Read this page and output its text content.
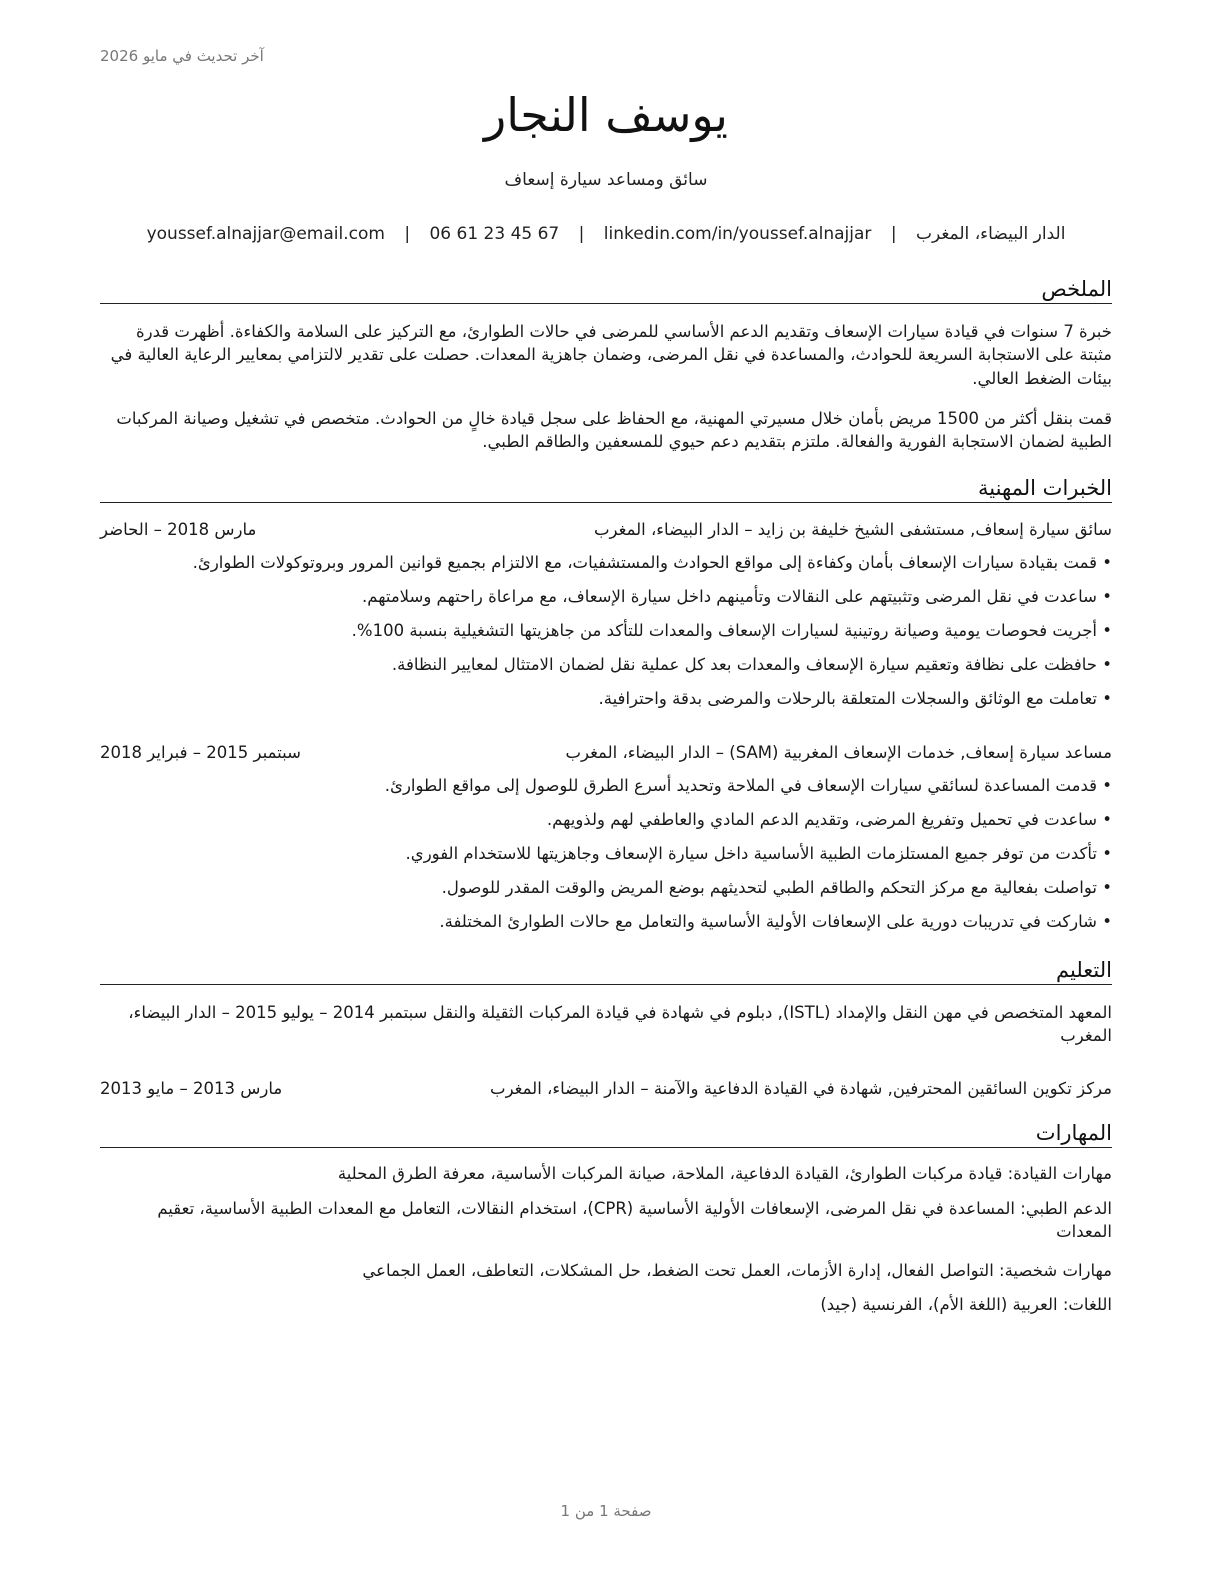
آخر تحديث في مايو 2026
يوسف النجار
سائق ومساعد سيارة إسعاف
الدار البيضاء، المغرب | youssef.alnajjar@email.com | 06 61 23 45 67 | linkedin.com/in/youssef.alnajjar
الملخص
خبرة 7 سنوات في قيادة سيارات الإسعاف وتقديم الدعم الأساسي للمرضى في حالات الطوارئ، مع التركيز على السلامة والكفاءة. أظهرت قدرة مثبتة على الاستجابة السريعة للحوادث، والمساعدة في نقل المرضى، وضمان جاهزية المعدات. حصلت على تقدير لالتزامي بمعايير الرعاية العالية في بيئات الضغط العالي.
قمت بنقل أكثر من 1500 مريض بأمان خلال مسيرتي المهنية، مع الحفاظ على سجل قيادة خالٍ من الحوادث. متخصص في تشغيل وصيانة المركبات الطبية لضمان الاستجابة الفورية والفعالة. ملتزم بتقديم دعم حيوي للمسعفين والطاقم الطبي.
الخبرات المهنية
سائق سيارة إسعاف, مستشفى الشيخ خليفة بن زايد – الدار البيضاء، المغرب
مارس 2018 – الحاضر
• قمت بقيادة سيارات الإسعاف بأمان وكفاءة إلى مواقع الحوادث والمستشفيات، مع الالتزام بجميع قوانين المرور وبروتوكولات الطوارئ.
• ساعدت في نقل المرضى وتثبيتهم على النقالات وتأمينهم داخل سيارة الإسعاف، مع مراعاة راحتهم وسلامتهم.
• أجريت فحوصات يومية وصيانة روتينية لسيارات الإسعاف والمعدات للتأكد من جاهزيتها التشغيلية بنسبة 100%.
• حافظت على نظافة وتعقيم سيارة الإسعاف والمعدات بعد كل عملية نقل لضمان الامتثال لمعايير النظافة.
• تعاملت مع الوثائق والسجلات المتعلقة بالرحلات والمرضى بدقة واحترافية.
مساعد سيارة إسعاف, خدمات الإسعاف المغربية (SAM) – الدار البيضاء، المغرب
سبتمبر 2015 – فبراير 2018
• قدمت المساعدة لسائقي سيارات الإسعاف في الملاحة وتحديد أسرع الطرق للوصول إلى مواقع الطوارئ.
• ساعدت في تحميل وتفريغ المرضى، وتقديم الدعم المادي والعاطفي لهم ولذويهم.
• تأكدت من توفر جميع المستلزمات الطبية الأساسية داخل سيارة الإسعاف وجاهزيتها للاستخدام الفوري.
• تواصلت بفعالية مع مركز التحكم والطاقم الطبي لتحديثهم بوضع المريض والوقت المقدر للوصول.
• شاركت في تدريبات دورية على الإسعافات الأولية الأساسية والتعامل مع حالات الطوارئ المختلفة.
التعليم
المعهد المتخصص في مهن النقل والإمداد (ISTL), دبلوم في شهادة في قيادة المركبات الثقيلة والنقل سبتمبر 2014 – يوليو 2015 – الدار البيضاء، المغرب
مركز تكوين السائقين المحترفين, شهادة في القيادة الدفاعية والآمنة – الدار البيضاء، المغرب
مارس 2013 – مايو 2013
المهارات
مهارات القيادة: قيادة مركبات الطوارئ، القيادة الدفاعية، الملاحة، صيانة المركبات الأساسية، معرفة الطرق المحلية
الدعم الطبي: المساعدة في نقل المرضى، الإسعافات الأولية الأساسية (CPR)، استخدام النقالات، التعامل مع المعدات الطبية الأساسية، تعقيم المعدات
مهارات شخصية: التواصل الفعال، إدارة الأزمات، العمل تحت الضغط، حل المشكلات، التعاطف، العمل الجماعي
اللغات: العربية (اللغة الأم)، الفرنسية (جيد)
صفحة 1 من 1
